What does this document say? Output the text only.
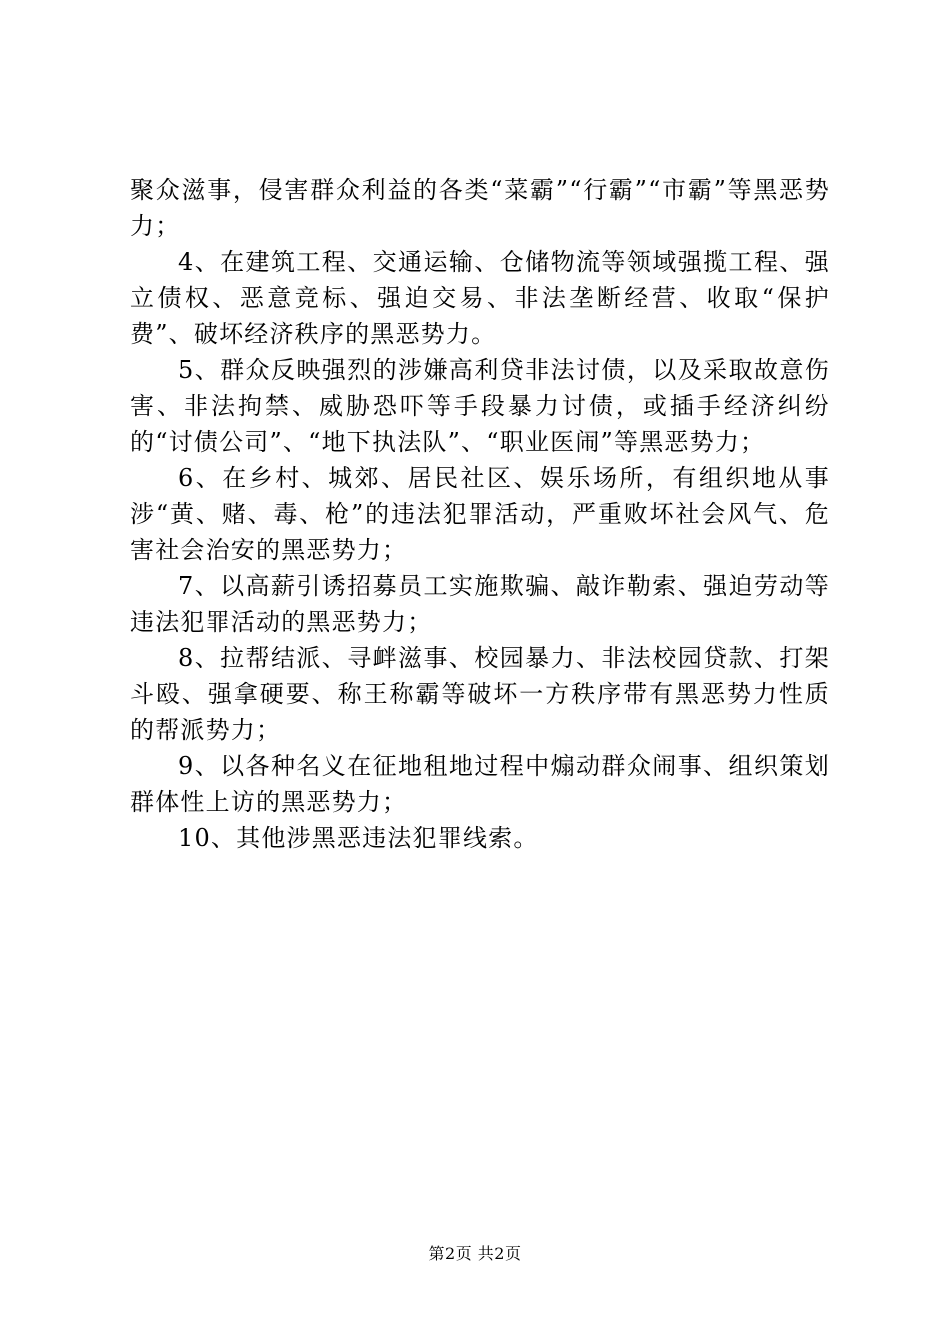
聚众滋事，侵害群众利益的各类“菜霸”“行霸”“市霸”等黑恶势力；

4、在建筑工程、交通运输、仓储物流等领域强揽工程、强立债权、恶意竞标、强迫交易、非法垄断经营、收取“保护费”、破坏经济秩序的黑恶势力。

5、群众反映强烈的涉嫌高利贷非法讨债，以及采取故意伤害、非法拘禁、威胁恐吓等手段暴力讨债，或插手经济纠纷的“讨债公司”、“地下执法队”、“职业医闹”等黑恶势力；

6、在乡村、城郊、居民社区、娱乐场所，有组织地从事涉“黄、赌、毒、枪”的违法犯罪活动，严重败坏社会风气、危害社会治安的黑恶势力；

7、以高薪引诱招募员工实施欺骗、敲诈勒索、强迫劳动等违法犯罪活动的黑恶势力；

8、拉帮结派、寻衅滋事、校园暴力、非法校园贷款、打架斗殴、强拿硬要、称王称霸等破坏一方秩序带有黑恶势力性质的帮派势力；

9、以各种名义在征地租地过程中煽动群众闹事、组织策划群体性上访的黑恶势力；

10、其他涉黑恶违法犯罪线索。

第2页 共2页
